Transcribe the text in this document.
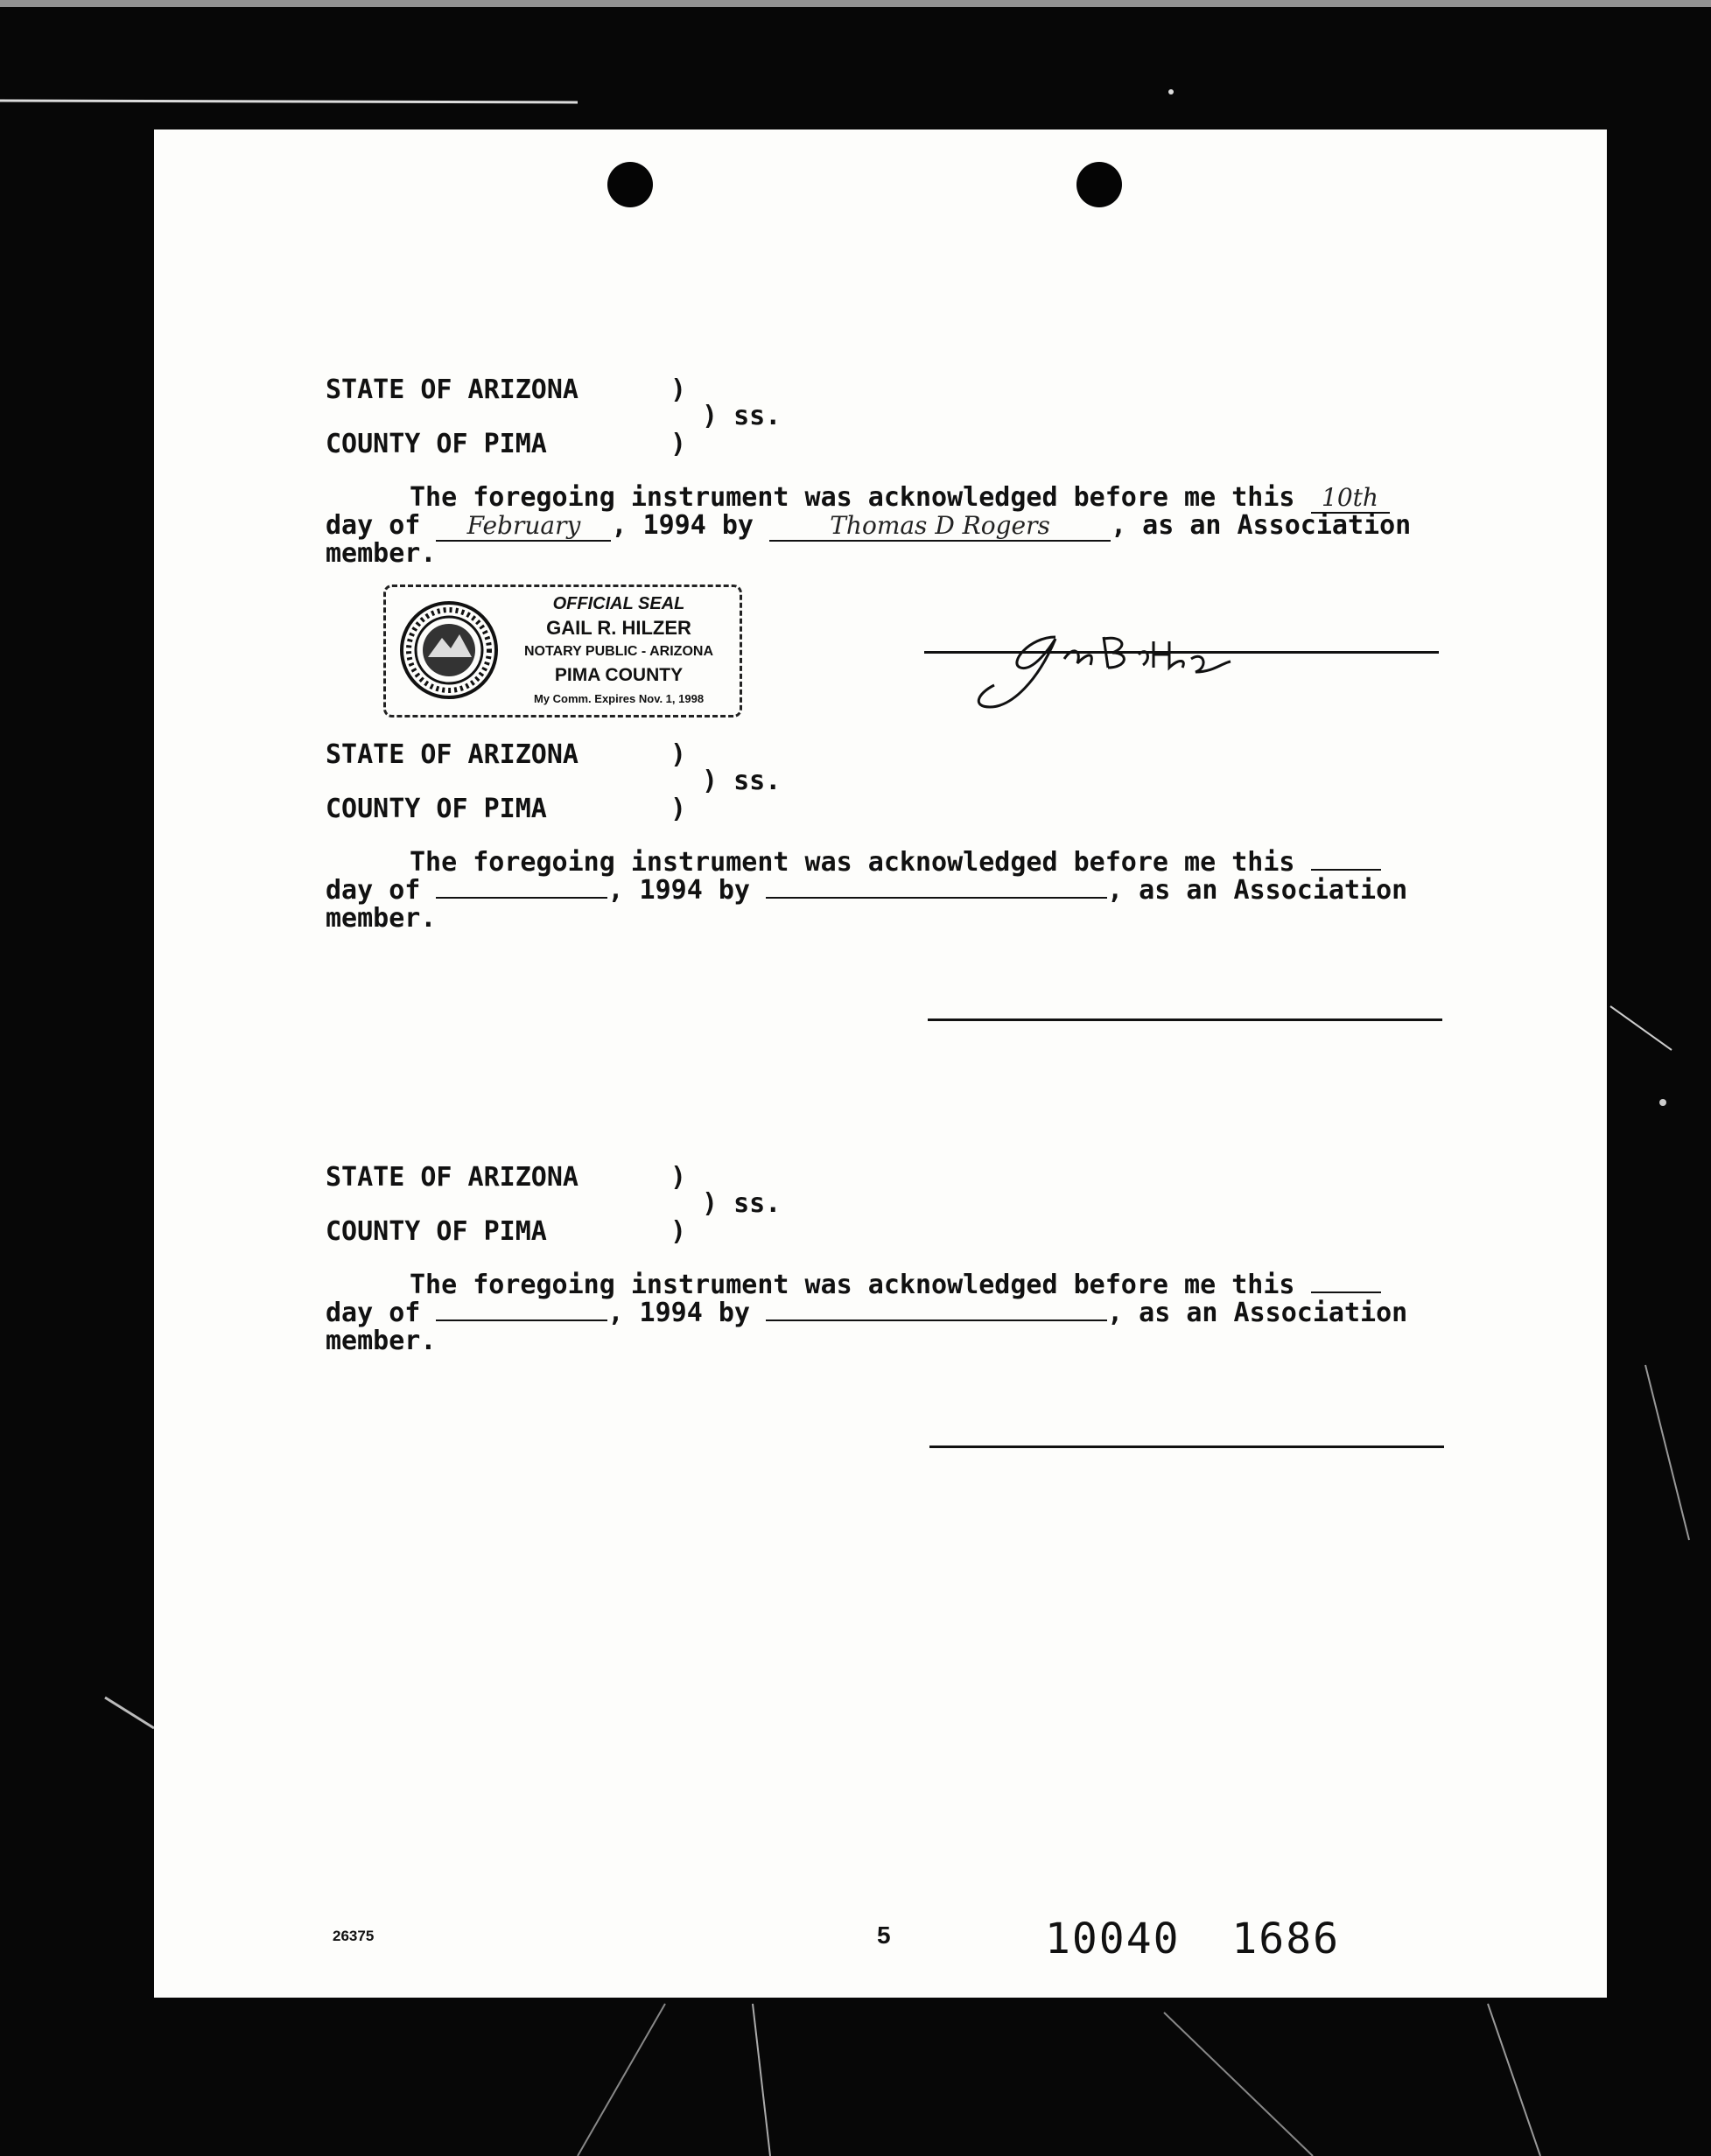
STATE OF ARIZONA	)
) ss.
)
COUNTY OF PIMA
The foregoing instrument was acknowledged before me this 10th
day of February , 1994 by	Thomas D Rogers , as an Association
member.
OFFICIAL SEAL
GAIL R. HILZER
NOTARY PUBLIC - ARIZONA
PIMA COUNTY
My Comm. Expires Nov. 1, 1998
STATE OF ARIZONA	)
) ss.
)
COUNTY OF PIMA
The foregoing instrument was acknowledged before me this
day of	, 1994 by	, as an Association
member.
STATE OF ARIZONA	)
) ss.
)
COUNTY OF PIMA
The foregoing instrument was acknowledged before me this
day of	, 1994 by	, as an Association
member.
26375	5	10040 1686
